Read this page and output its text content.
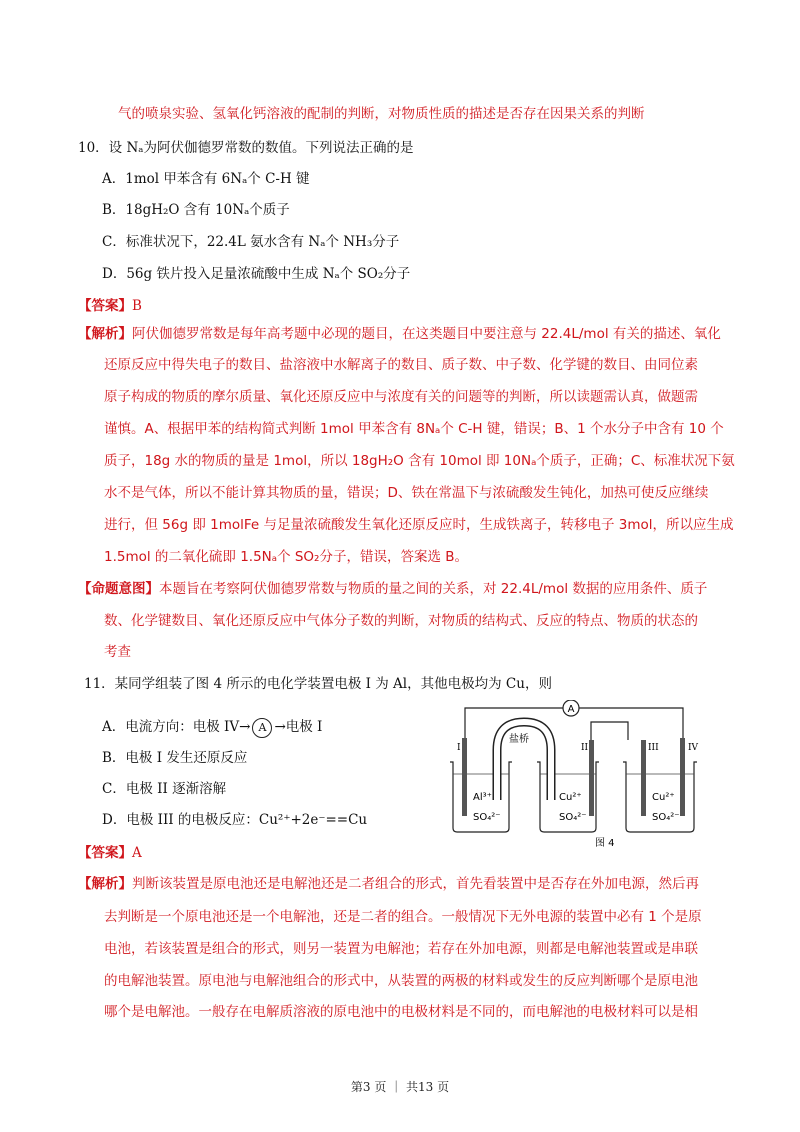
气的喷泉实验、氢氧化钙溶液的配制的判断，对物质性质的描述是否存在因果关系的判断
10．设 Nₐ为阿伏伽德罗常数的数值。下列说法正确的是
A．1mol 甲苯含有 6Nₐ个 C-H 键
B．18gH₂O 含有 10Nₐ个质子
C．标准状况下，22.4L 氨水含有 Nₐ个 NH₃分子
D．56g 铁片投入足量浓硫酸中生成 Nₐ个 SO₂分子
【答案】B
【解析】阿伏伽德罗常数是每年高考题中必现的题目，在这类题目中要注意与 22.4L/mol 有关的描述、氧化
还原反应中得失电子的数目、盐溶液中水解离子的数目、质子数、中子数、化学键的数目、由同位素
原子构成的物质的摩尔质量、氧化还原反应中与浓度有关的问题等的判断，所以读题需认真，做题需
谨慎。A、根据甲苯的结构简式判断 1mol 甲苯含有 8Nₐ个 C-H 键，错误；B、1 个水分子中含有 10 个
质子，18g 水的物质的量是 1mol，所以 18gH₂O 含有 10mol 即 10Nₐ个质子，正确；C、标准状况下氨
水不是气体，所以不能计算其物质的量，错误；D、铁在常温下与浓硫酸发生钝化，加热可使反应继续
进行，但 56g 即 1molFe 与足量浓硫酸发生氧化还原反应时，生成铁离子，转移电子 3mol，所以应生成
1.5mol 的二氧化硫即 1.5Nₐ个 SO₂分子，错误，答案选 B。
【命题意图】本题旨在考察阿伏伽德罗常数与物质的量之间的关系，对 22.4L/mol 数据的应用条件、质子
数、化学键数目、氧化还原反应中气体分子数的判断，对物质的结构式、反应的特点、物质的状态的
考查
11．某同学组装了图 4 所示的电化学装置电极 I 为 Al，其他电极均为 Cu，则
A．电流方向：电极 IV→ A →电极 I
B．电极 I 发生还原反应
C．电极 II 逐渐溶解
D．电极 III 的电极反应：Cu²⁺+2e⁻==Cu
A
盐桥
I	II	III	IV
Al³⁺
SO₄²⁻
Cu²⁺
SO₄²⁻
Cu²⁺
SO₄²⁻
图 4
【答案】A
【解析】判断该装置是原电池还是电解池还是二者组合的形式，首先看装置中是否存在外加电源，然后再
去判断是一个原电池还是一个电解池，还是二者的组合。一般情况下无外电源的装置中必有 1 个是原
电池，若该装置是组合的形式，则另一装置为电解池；若存在外加电源，则都是电解池装置或是串联
的电解池装置。原电池与电解池组合的形式中，从装置的两极的材料或发生的反应判断哪个是原电池
哪个是电解池。一般存在电解质溶液的原电池中的电极材料是不同的，而电解池的电极材料可以是相
第3 页 ｜ 共13 页
